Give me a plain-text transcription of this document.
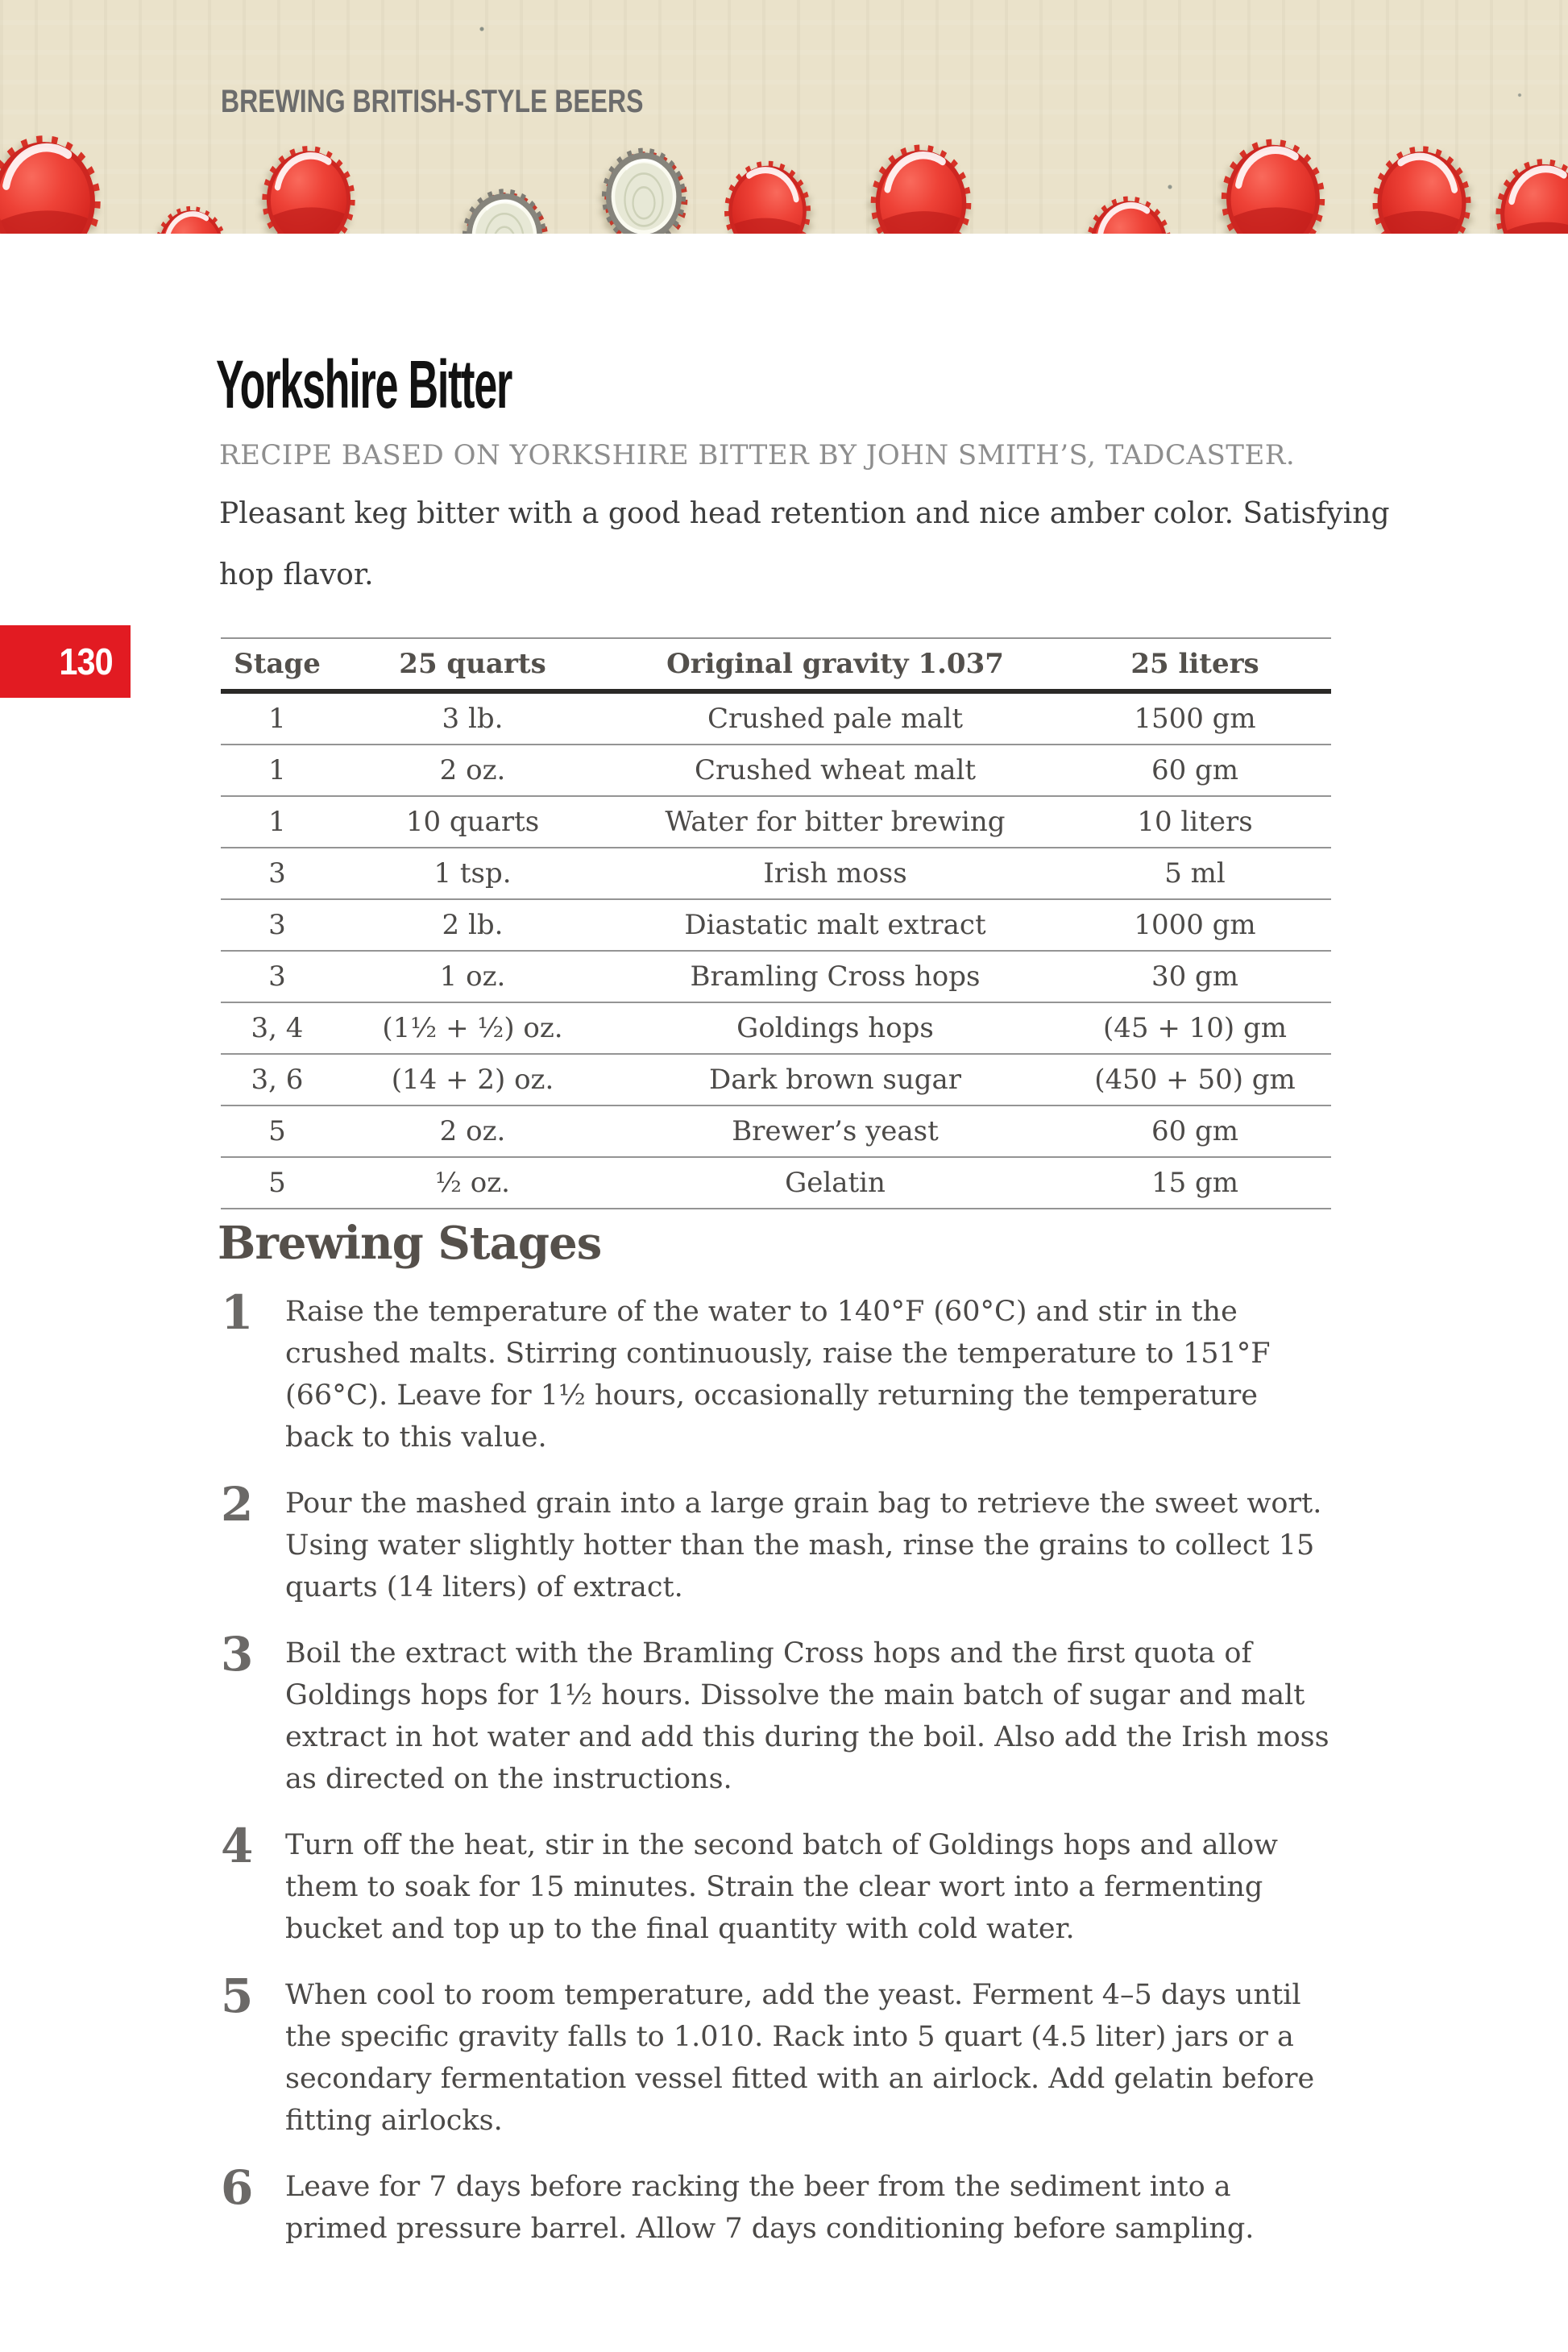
BREWING BRITISH-STYLE BEERS
130
Yorkshire Bitter
RECIPE BASED ON YORKSHIRE BITTER BY JOHN SMITH’S, TADCASTER.

Pleasant keg bitter with a good head retention and nice amber color. Satisfying hop flavor.

Stage	25 quarts	Original gravity 1.037	25 liters
1	3 lb.	Crushed pale malt	1500 gm
1	2 oz.	Crushed wheat malt	60 gm
1	10 quarts	Water for bitter brewing	10 liters
3	1 tsp.	Irish moss	5 ml
3	2 lb.	Diastatic malt extract	1000 gm
3	1 oz.	Bramling Cross hops	30 gm
3, 4	(1½ + ½) oz.	Goldings hops	(45 + 10) gm
3, 6	(14 + 2) oz.	Dark brown sugar	(450 + 50) gm
5	2 oz.	Brewer’s yeast	60 gm
5	½ oz.	Gelatin	15 gm
Brewing Stages
1	Raise the temperature of the water to 140°F (60°C) and stir in the crushed malts. Stirring continuously, raise the temperature to 151°F (66°C). Leave for 1½ hours, occasionally returning the temperature back to this value.
2	Pour the mashed grain into a large grain bag to retrieve the sweet wort. Using water slightly hotter than the mash, rinse the grains to collect 15 quarts (14 liters) of extract.
3	Boil the extract with the Bramling Cross hops and the first quota of Goldings hops for 1½ hours. Dissolve the main batch of sugar and malt extract in hot water and add this during the boil. Also add the Irish moss as directed on the instructions.
4	Turn off the heat, stir in the second batch of Goldings hops and allow them to soak for 15 minutes. Strain the clear wort into a fermenting bucket and top up to the final quantity with cold water.
5	When cool to room temperature, add the yeast. Ferment 4–5 days until the specific gravity falls to 1.010. Rack into 5 quart (4.5 liter) jars or a secondary fermentation vessel fitted with an airlock. Add gelatin before fitting airlocks.
6	Leave for 7 days before racking the beer from the sediment into a primed pressure barrel. Allow 7 days conditioning before sampling.
